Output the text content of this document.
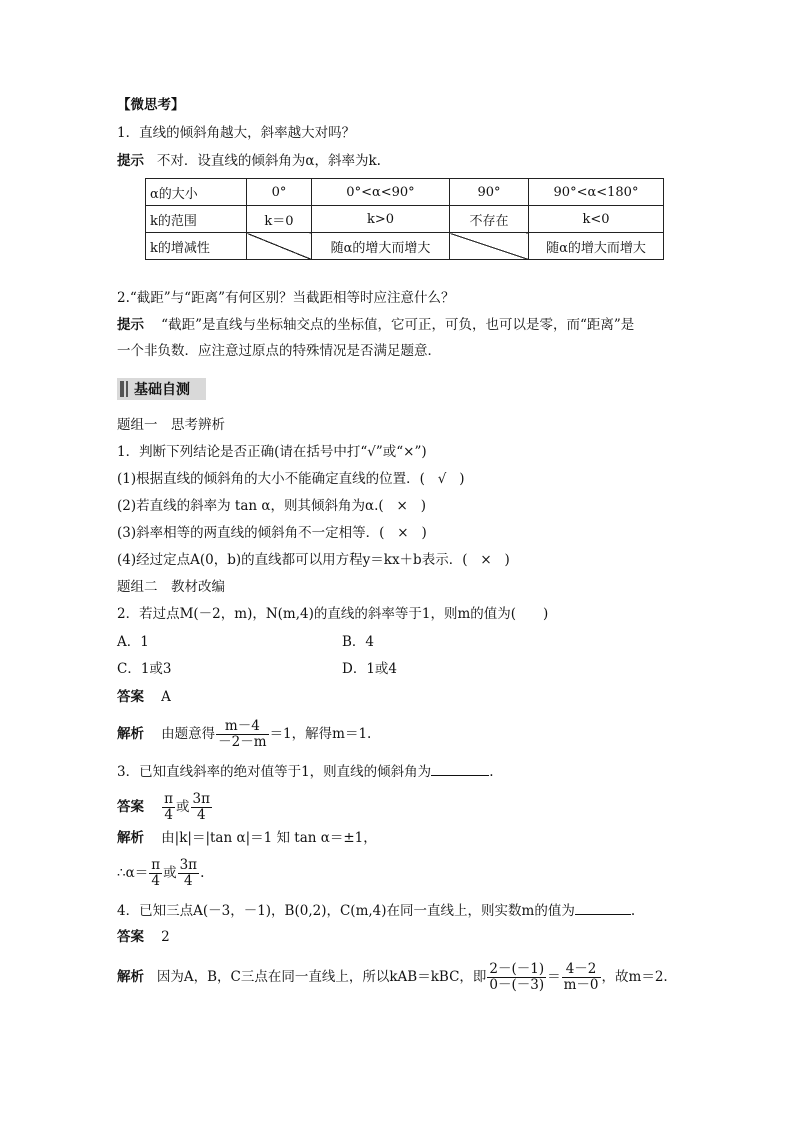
【微思考】
1．直线的倾斜角越大，斜率越大对吗？
提示 不对．设直线的倾斜角为α，斜率为k.
α的大小	0°	0°<α<90°	90°	90°<α<180°
k的范围	k＝0	k>0	不存在	k<0
k的增减性		随α的增大而增大		随α的增大而增大
2.“截距”与“距离”有何区别？当截距相等时应注意什么？
提示 “截距”是直线与坐标轴交点的坐标值，它可正，可负，也可以是零，而“距离”是
一个非负数．应注意过原点的特殊情况是否满足题意．
基础自测
题组一　思考辨析
1．判断下列结论是否正确(请在括号中打“√”或“×”)
(1)根据直线的倾斜角的大小不能确定直线的位置．( √ )
(2)若直线的斜率为 tan α，则其倾斜角为α.( × )
(3)斜率相等的两直线的倾斜角不一定相等．( × )
(4)经过定点A(0，b)的直线都可以用方程y＝kx＋b表示．( × )
题组二　教材改编
2．若过点M(－2，m)，N(m,4)的直线的斜率等于1，则m的值为(　　)
A．1	B．4
C．1或3	D．1或4
答案 A
解析 由题意得 $\frac{m-4}{-2-m} =1$，解得m＝1.
3．已知直线斜率的绝对值等于1，则直线的倾斜角为	.
答案 $\frac{\pi}{4}$ 或 $\frac{3\pi}{4}$
解析 由|k|＝|tan α|＝1 知 tan α＝±1，
∴α＝ $\frac{\pi}{4}$ 或 $\frac{3\pi}{4}$ .
4．已知三点A(－3，－1)，B(0,2)，C(m,4)在同一直线上，则实数m的值为	.
答案 2
解析 因为A，B，C三点在同一直线上，所以kAB＝kBC，即 $\frac{2-(-1)}{0-(-3)} = \frac{4-2}{m-0}$ ，故m＝2.
